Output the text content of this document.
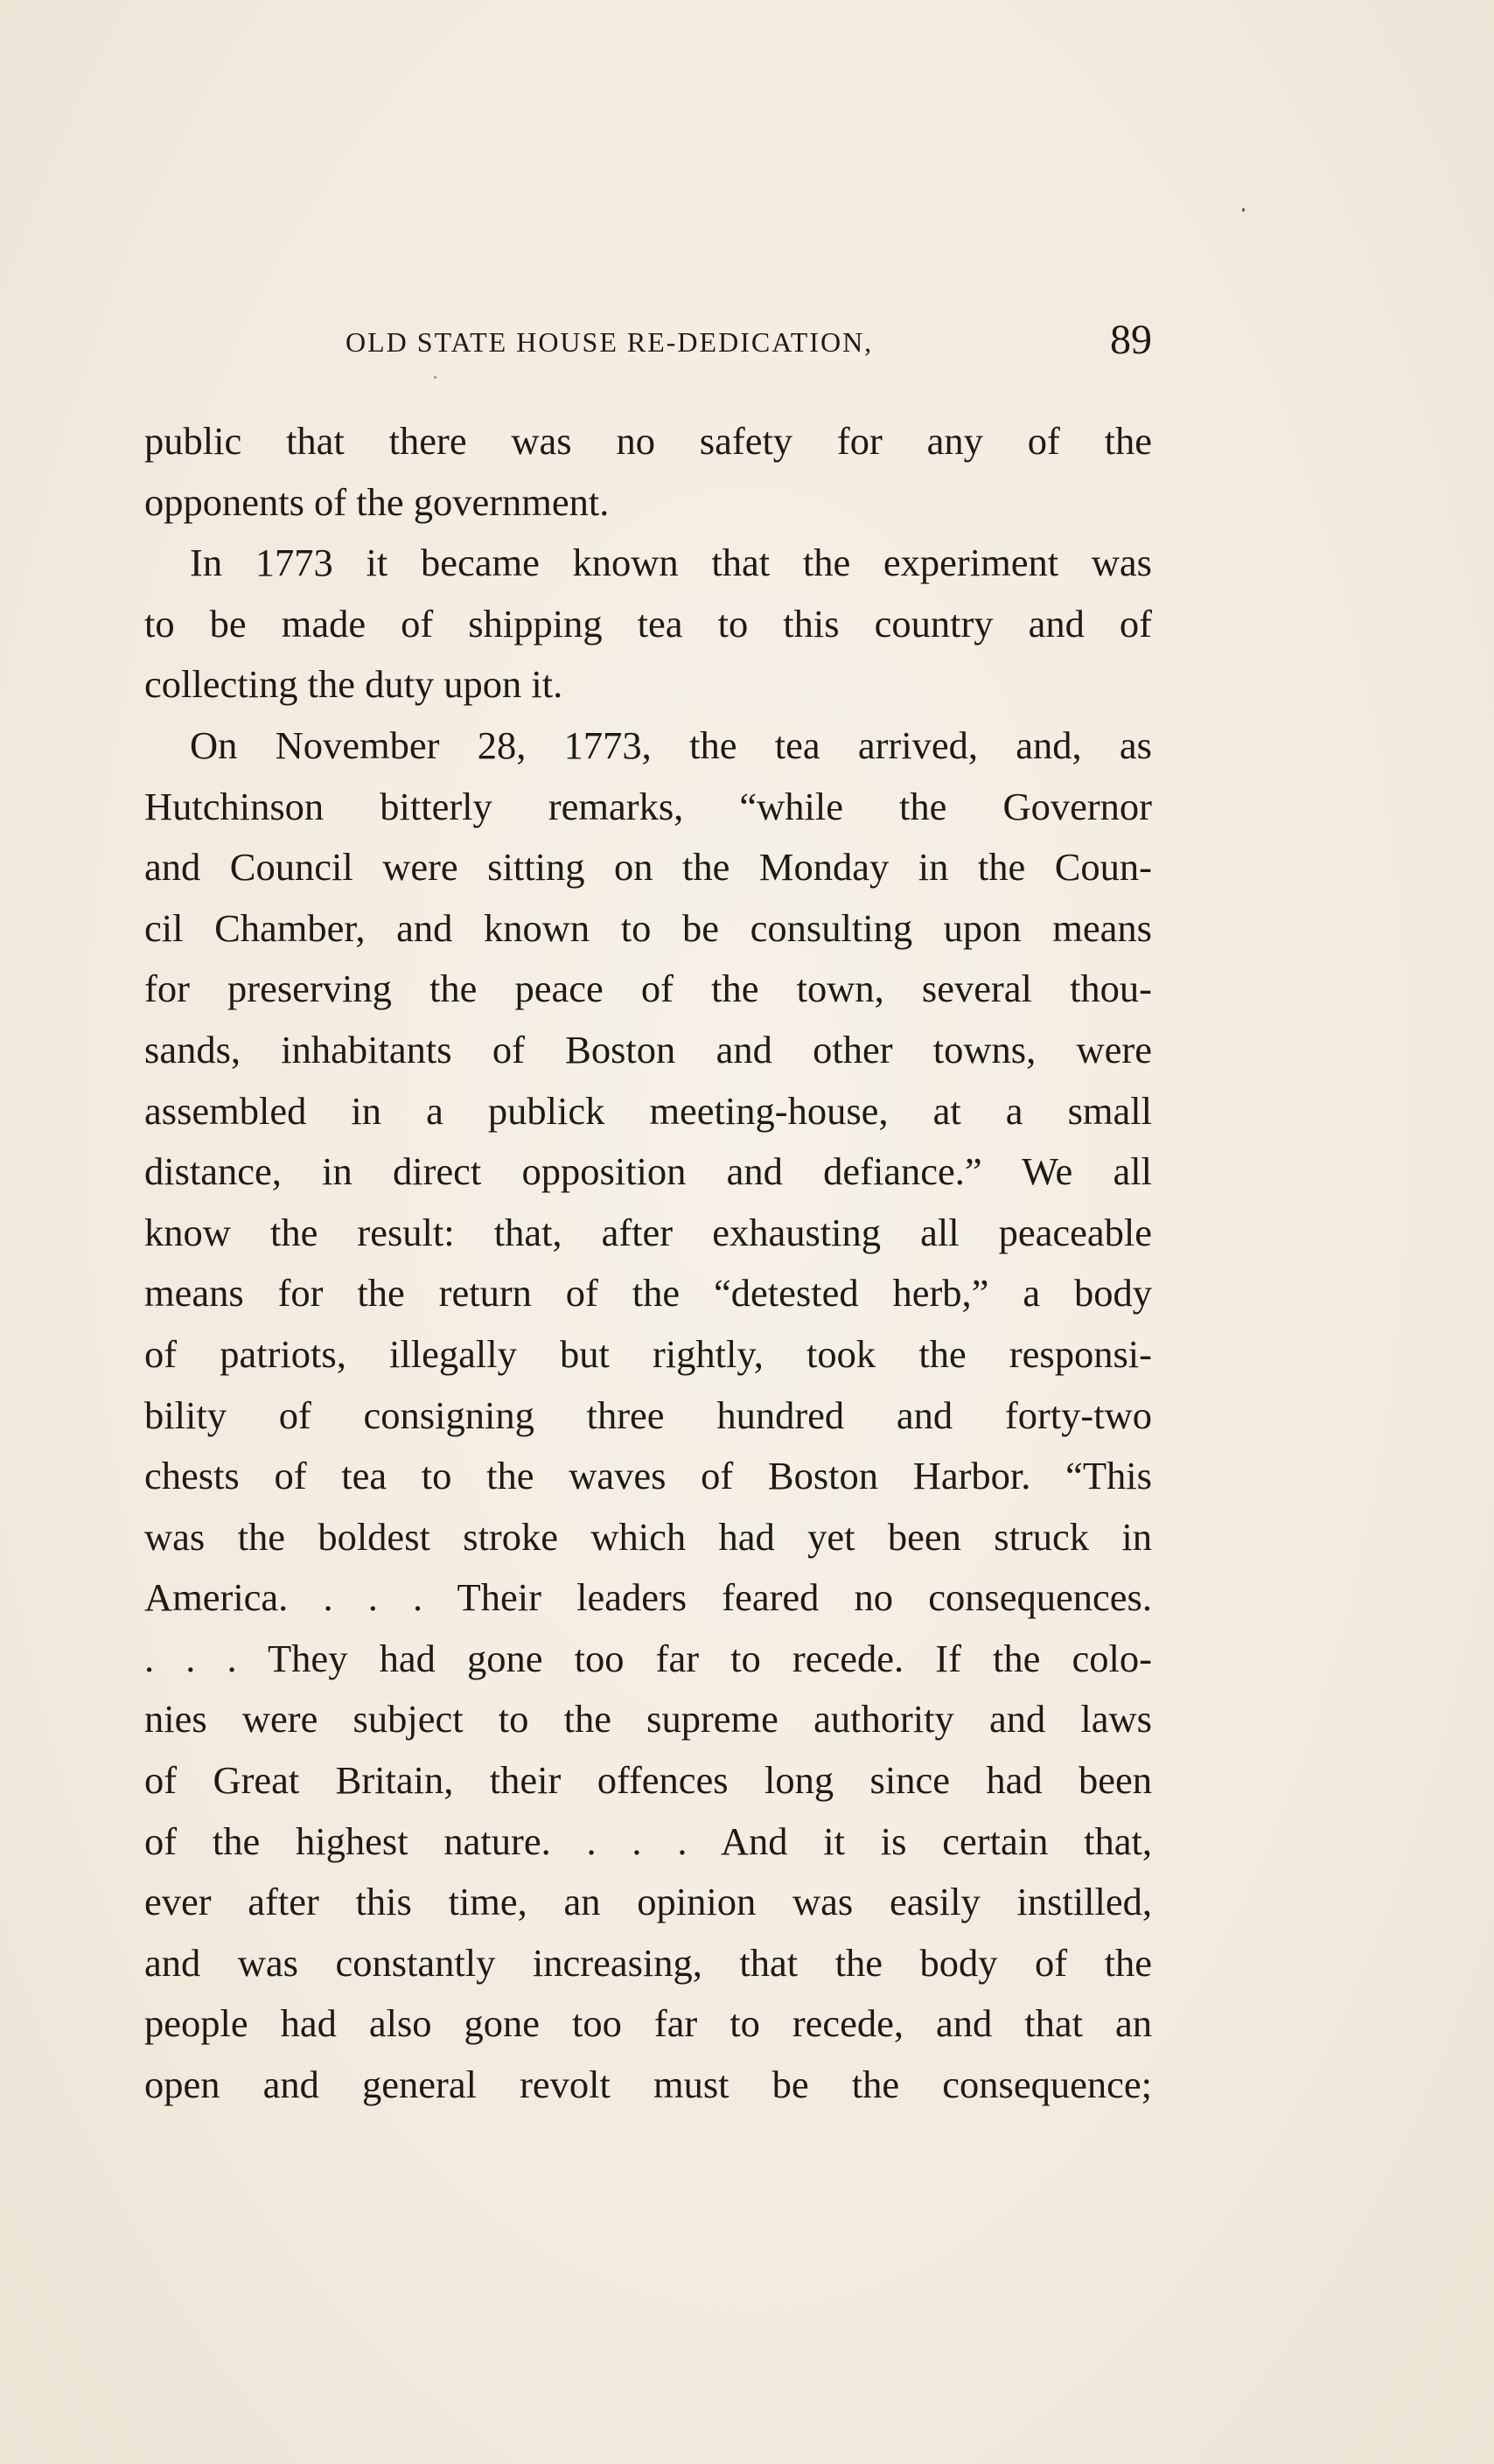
OLD STATE HOUSE RE-DEDICATION,	89
public that there was no safety for any of the
opponents of the government.
In 1773 it became known that the experiment was
to be made of shipping tea to this country and of
collecting the duty upon it.
On November 28, 1773, the tea arrived, and, as
Hutchinson bitterly remarks, “while the Governor
and Council were sitting on the Monday in the Coun-
cil Chamber, and known to be consulting upon means
for preserving the peace of the town, several thou-
sands, inhabitants of Boston and other towns, were
assembled in a publick meeting-house, at a small
distance, in direct opposition and defiance.” We all
know the result: that, after exhausting all peaceable
means for the return of the “detested herb,” a body
of patriots, illegally but rightly, took the responsi-
bility of consigning three hundred and forty-two
chests of tea to the waves of Boston Harbor. “This
was the boldest stroke which had yet been struck in
America. . . . Their leaders feared no consequences.
. . . They had gone too far to recede. If the colo-
nies were subject to the supreme authority and laws
of Great Britain, their offences long since had been
of the highest nature. . . . And it is certain that,
ever after this time, an opinion was easily instilled,
and was constantly increasing, that the body of the
people had also gone too far to recede, and that an
open and general revolt must be the consequence;
